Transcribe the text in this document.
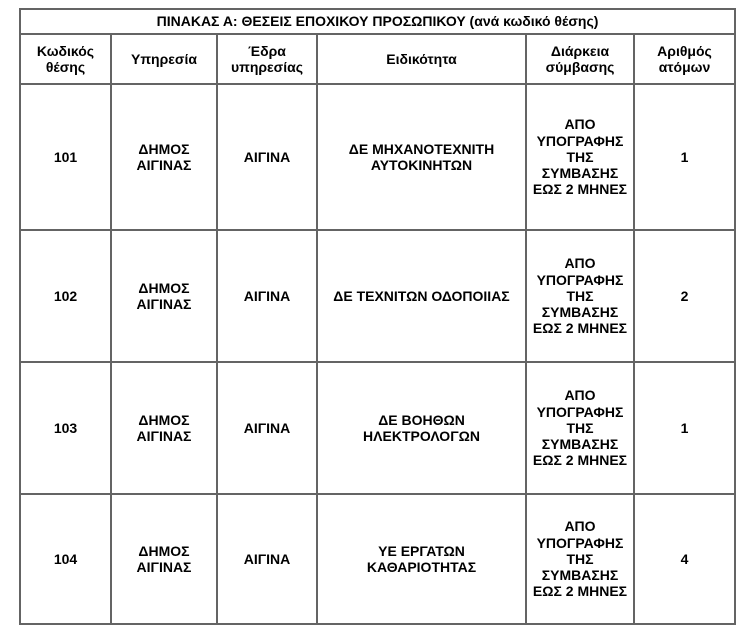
ΠΙΝΑΚΑΣ Α: ΘΕΣΕΙΣ ΕΠΟΧΙΚΟΥ ΠΡΟΣΩΠΙΚΟΥ (ανά κωδικό θέσης)					
Κωδικός θέσης	Υπηρεσία	Έδρα υπηρεσίας	Ειδικότητα	Διάρκεια σύμβασης	Αριθμός ατόμων
101	ΔΗΜΟΣ ΑΙΓΙΝΑΣ	ΑΙΓΙΝΑ	ΔΕ ΜΗΧΑΝΟΤΕΧΝΙΤΗ ΑΥΤΟΚΙΝΗΤΩΝ	ΑΠΟ ΥΠΟΓΡΑΦΗΣ ΤΗΣ ΣΥΜΒΑΣΗΣ ΕΩΣ 2 ΜΗΝΕΣ	1
102	ΔΗΜΟΣ ΑΙΓΙΝΑΣ	ΑΙΓΙΝΑ	ΔΕ ΤΕΧΝΙΤΩΝ ΟΔΟΠΟΙΙΑΣ	ΑΠΟ ΥΠΟΓΡΑΦΗΣ ΤΗΣ ΣΥΜΒΑΣΗΣ ΕΩΣ 2 ΜΗΝΕΣ	2
103	ΔΗΜΟΣ ΑΙΓΙΝΑΣ	ΑΙΓΙΝΑ	ΔΕ ΒΟΗΘΩΝ ΗΛΕΚΤΡΟΛΟΓΩΝ	ΑΠΟ ΥΠΟΓΡΑΦΗΣ ΤΗΣ ΣΥΜΒΑΣΗΣ ΕΩΣ 2 ΜΗΝΕΣ	1
104	ΔΗΜΟΣ ΑΙΓΙΝΑΣ	ΑΙΓΙΝΑ	ΥΕ ΕΡΓΑΤΩΝ ΚΑΘΑΡΙΟΤΗΤΑΣ	ΑΠΟ ΥΠΟΓΡΑΦΗΣ ΤΗΣ ΣΥΜΒΑΣΗΣ ΕΩΣ 2 ΜΗΝΕΣ	4
